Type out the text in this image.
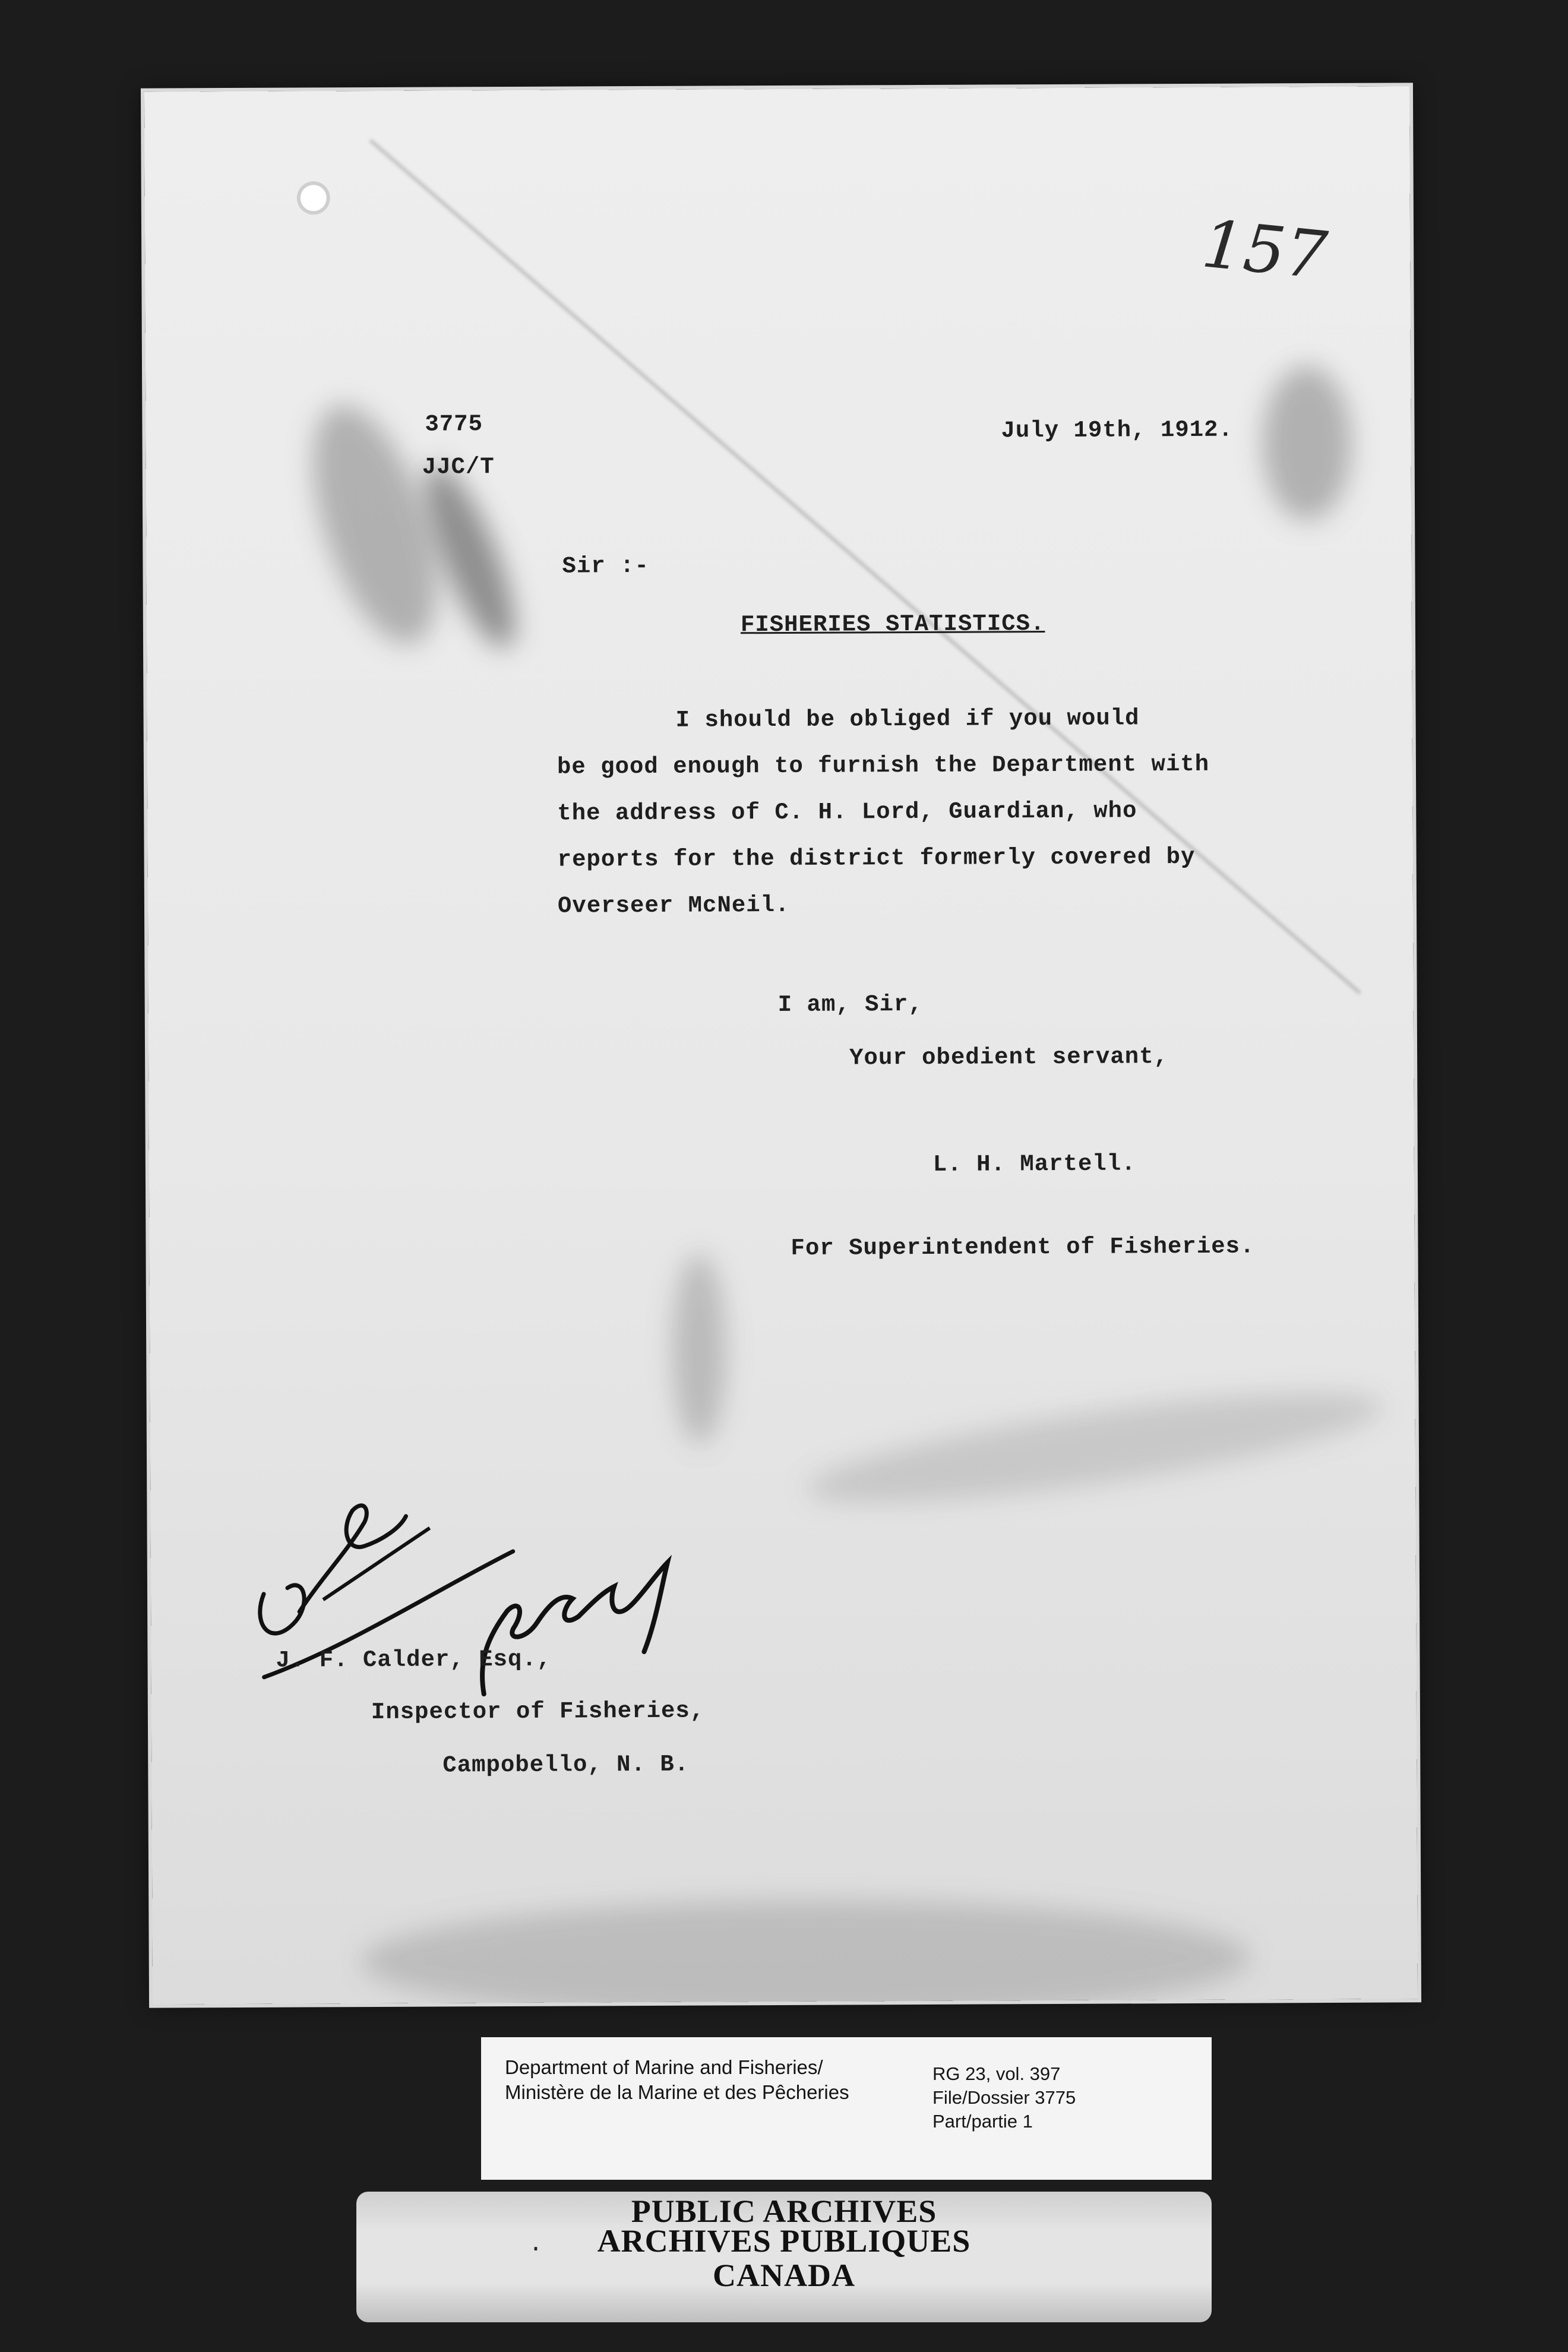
157
3775
JJC/T
July 19th, 1912.
Sir :-
FISHERIES STATISTICS.
I should be obliged if you would
be good enough to furnish the Department with
the address of C. H. Lord, Guardian, who
reports for the district formerly covered by
Overseer McNeil.
I am, Sir,
Your obedient servant,
L. H. Martell.
For Superintendent of Fisheries.
J. F. Calder, Esq.,
Inspector of Fisheries,
Campobello, N. B.
Department of Marine and Fisheries/
Ministère de la Marine et des Pêcheries
RG 23, vol. 397
File/Dossier 3775
Part/partie 1
·
PUBLIC ARCHIVES
ARCHIVES PUBLIQUES
CANADA
